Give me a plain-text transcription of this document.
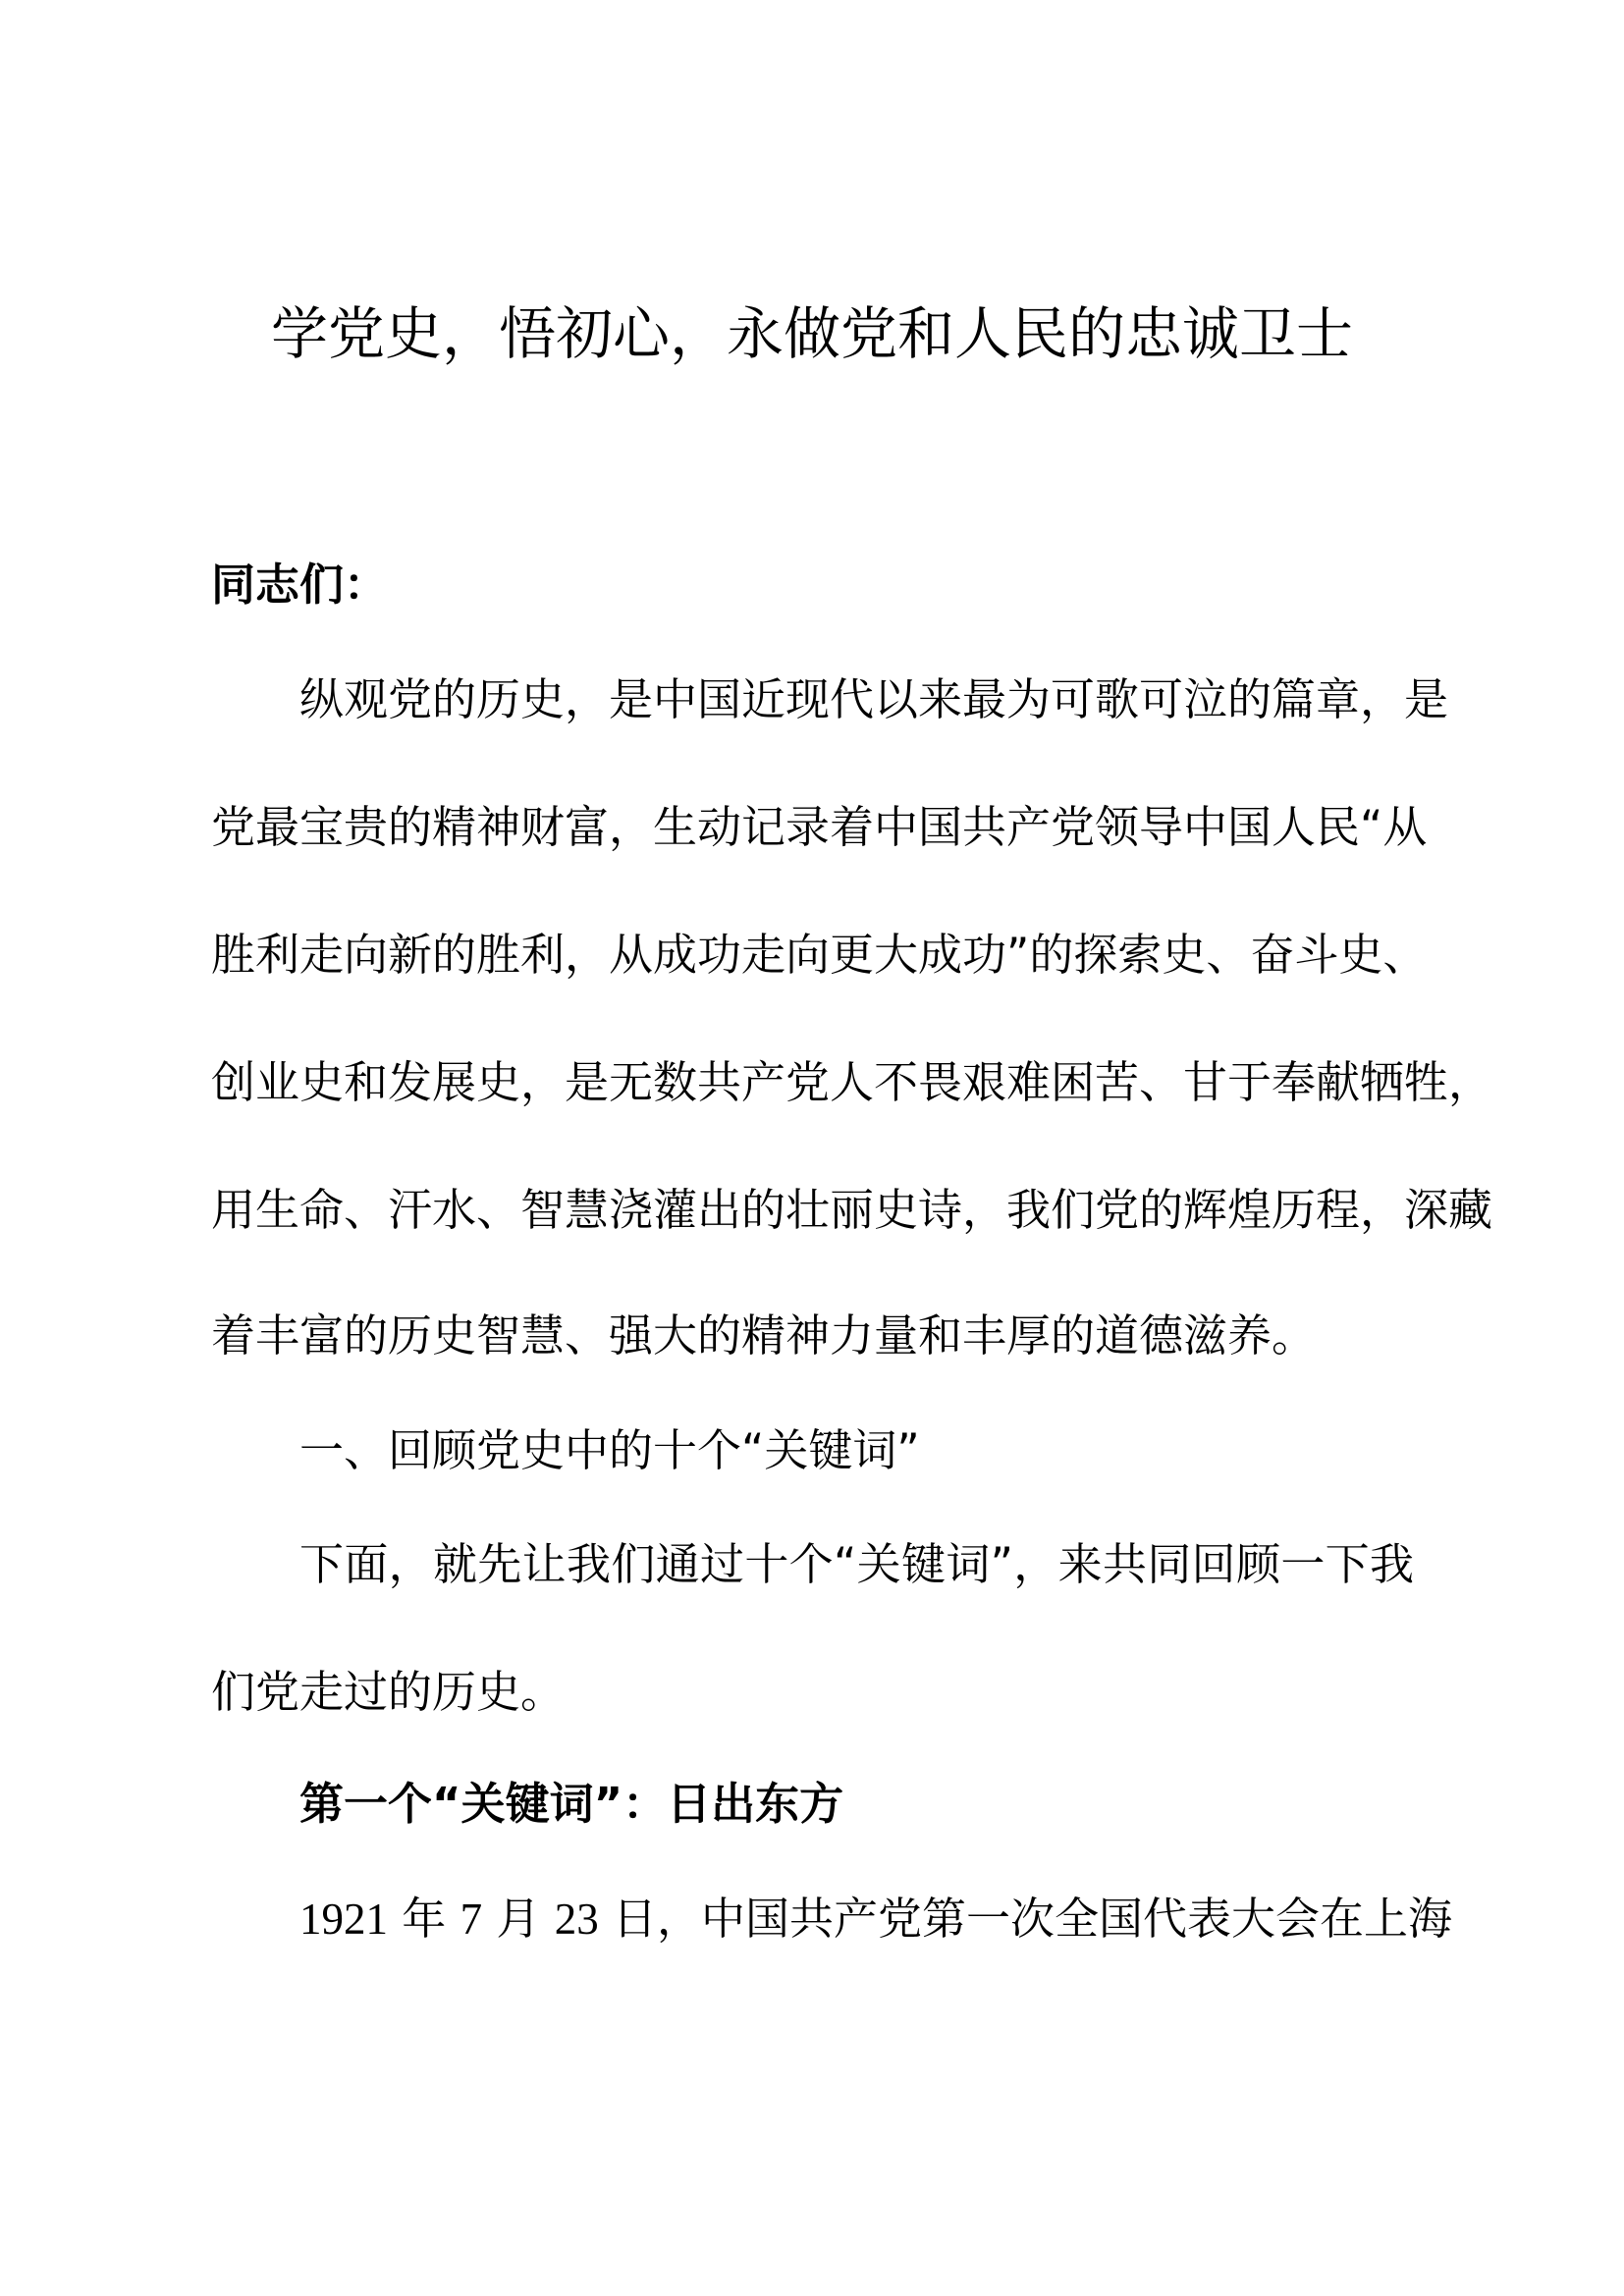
学党史，悟初心，永做党和人民的忠诚卫士
同志们：
纵观党的历史，是中国近现代以来最为可歌可泣的篇章，是
党最宝贵的精神财富，生动记录着中国共产党领导中国人民“从
胜利走向新的胜利，从成功走向更大成功”的探索史、奋斗史、
创业史和发展史，是无数共产党人不畏艰难困苦、甘于奉献牺牲，
用生命、汗水、智慧浇灌出的壮丽史诗，我们党的辉煌历程，深藏
着丰富的历史智慧、强大的精神力量和丰厚的道德滋养。
一、回顾党史中的十个“关键词”
下面，就先让我们通过十个“关键词”，来共同回顾一下我
们党走过的历史。
第一个“关键词”：日出东方
1921 年 7 月 23 日，中国共产党第一次全国代表大会在上海
